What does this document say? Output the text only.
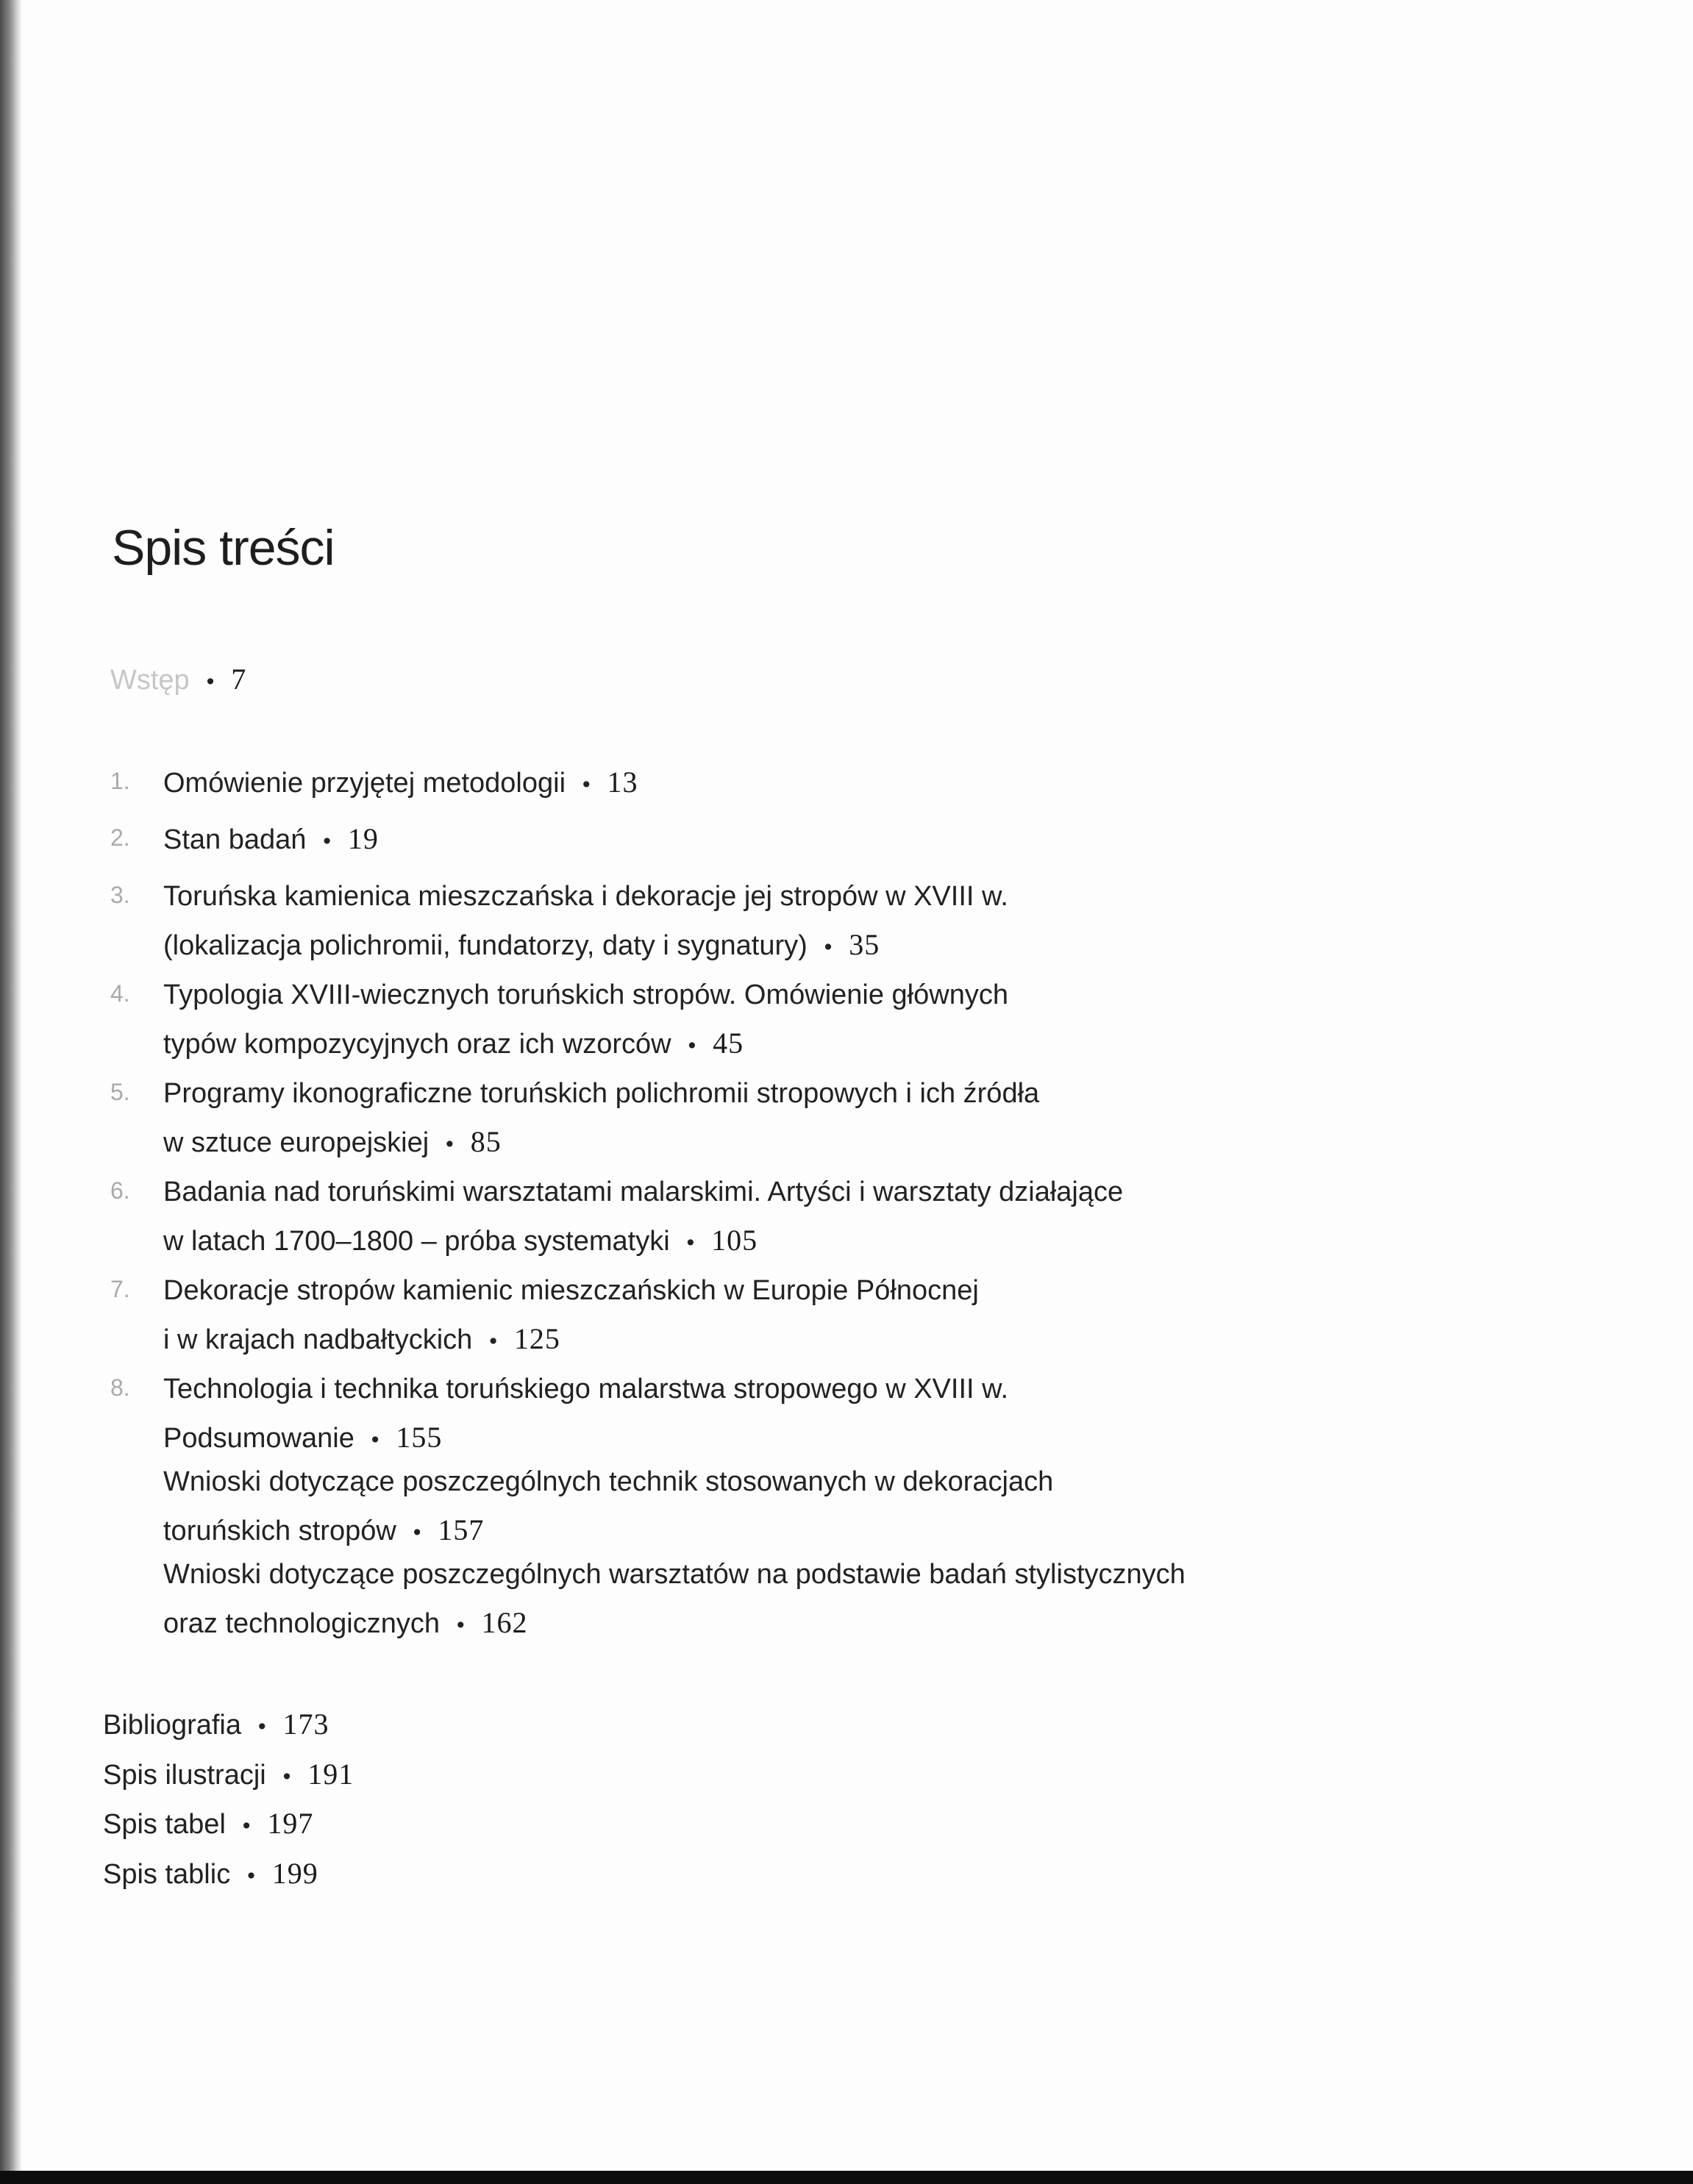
Spis treści
Wstęp • 7
1. Omówienie przyjętej metodologii • 13
2. Stan badań • 19
3. Toruńska kamienica mieszczańska i dekoracje jej stropów w XVIII w.
(lokalizacja polichromii, fundatorzy, daty i sygnatury) • 35
4. Typologia XVIII-wiecznych toruńskich stropów. Omówienie głównych
typów kompozycyjnych oraz ich wzorców • 45
5. Programy ikonograficzne toruńskich polichromii stropowych i ich źródła
w sztuce europejskiej • 85
6. Badania nad toruńskimi warsztatami malarskimi. Artyści i warsztaty działające
w latach 1700–1800 – próba systematyki • 105
7. Dekoracje stropów kamienic mieszczańskich w Europie Północnej
i w krajach nadbałtyckich • 125
8. Technologia i technika toruńskiego malarstwa stropowego w XVIII w.
Podsumowanie • 155
Wnioski dotyczące poszczególnych technik stosowanych w dekoracjach
toruńskich stropów • 157
Wnioski dotyczące poszczególnych warsztatów na podstawie badań stylistycznych
oraz technologicznych • 162
Bibliografia • 173
Spis ilustracji • 191
Spis tabel • 197
Spis tablic • 199
